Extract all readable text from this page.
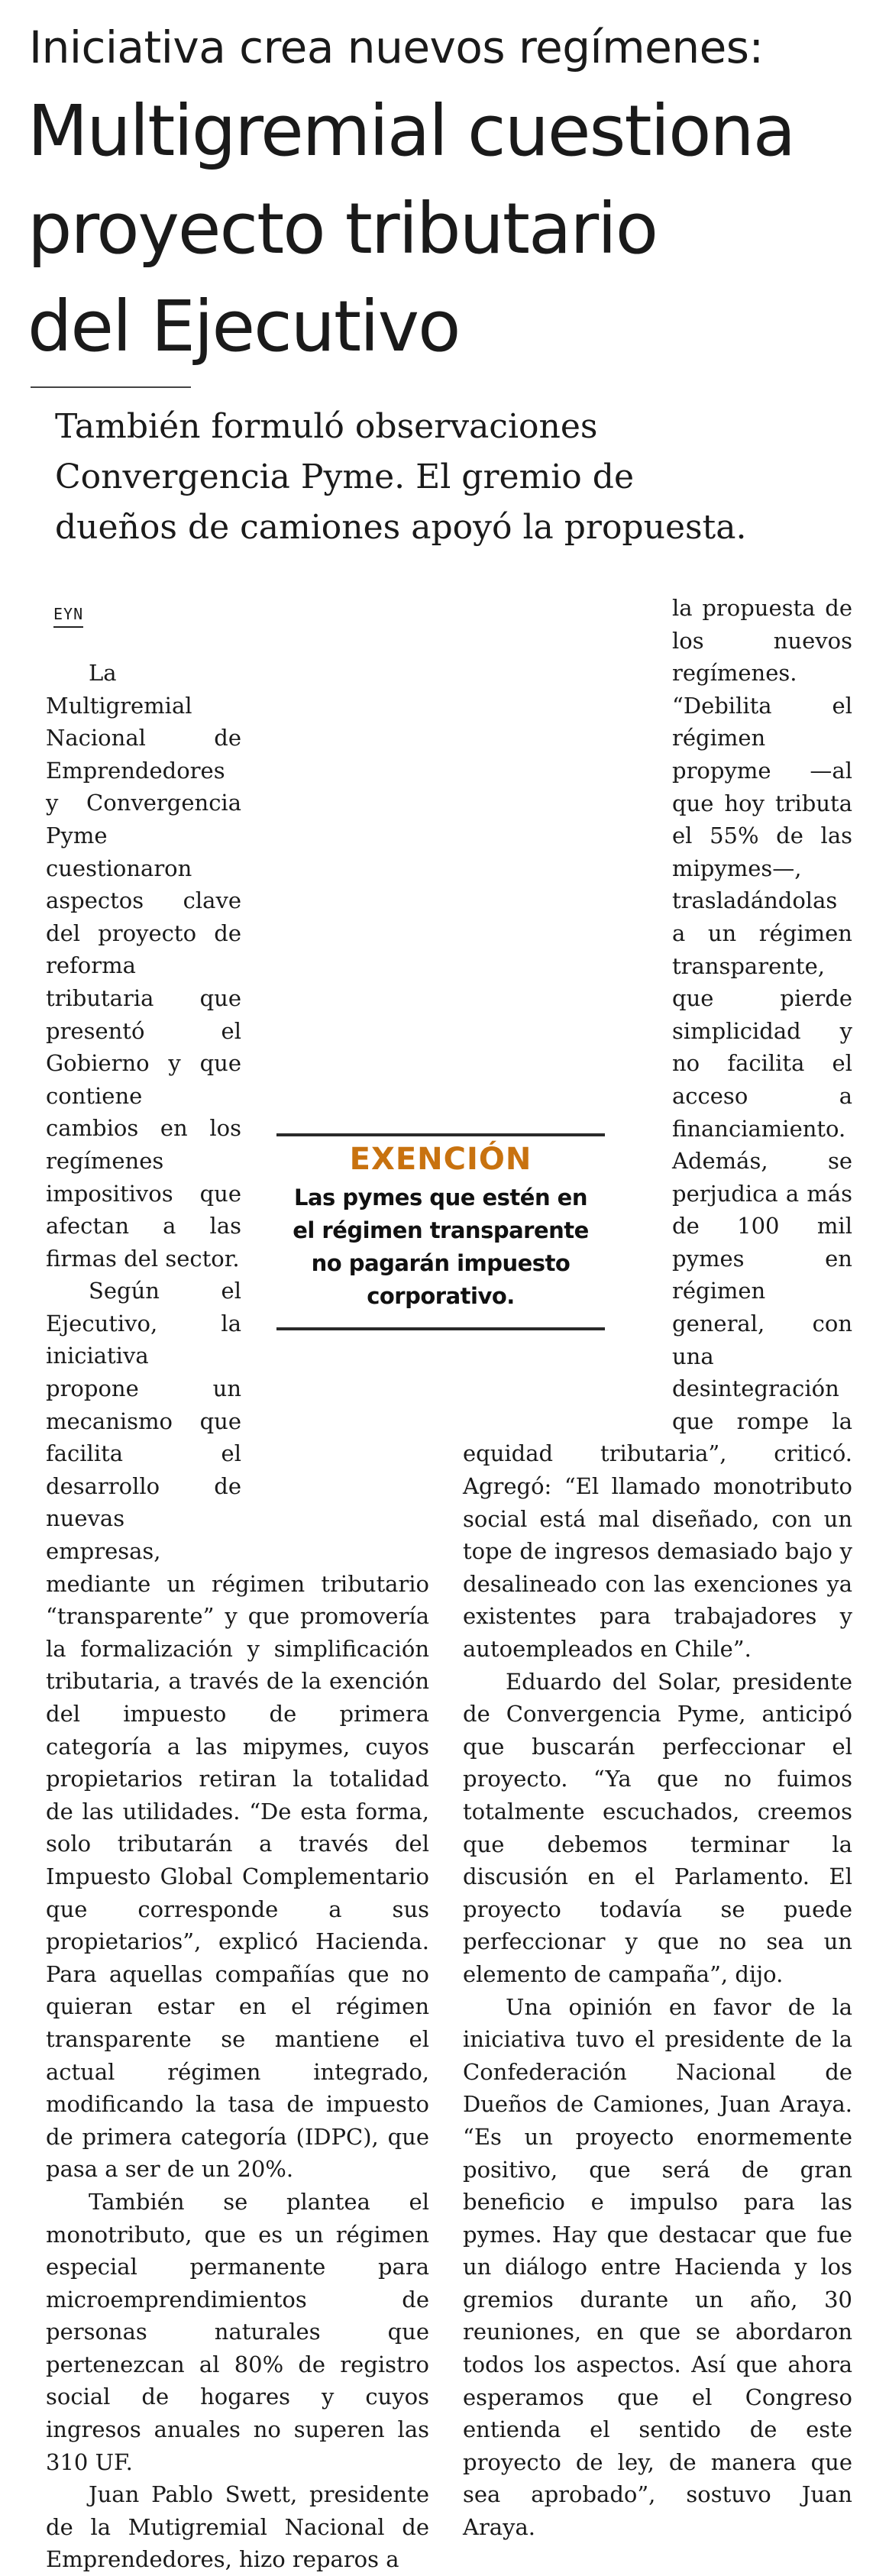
Iniciativa crea nuevos regímenes:
Multigremial cuestiona
proyecto tributario
del Ejecutivo
También formuló observaciones
Convergencia Pyme. El gremio de
dueños de camiones apoyó la propuesta.
EYN

La Multigremial Nacional de Emprendedores y Convergencia Pyme cuestionaron aspectos clave del proyecto de reforma tributaria que presentó el Gobierno y que contiene cambios en los regímenes impositivos que afectan a las firmas del sector.

Según el Ejecutivo, la iniciativa propone un mecanismo que facilita el desarrollo de nuevas empresas, mediante un régimen tributario “transparente” y que promovería la formalización y simplificación tributaria, a través de la exención del impuesto de primera categoría a las mipymes, cuyos propietarios retiran la totalidad de las utilidades. “De esta forma, solo tributarán a través del Impuesto Global Complementario que corresponde a sus propietarios”, explicó Hacienda. Para aquellas compañías que no quieran estar en el régimen transparente se mantiene el actual régimen integrado, modificando la tasa de impuesto de primera categoría (IDPC), que pasa a ser de un 20%.

También se plantea el monotributo, que es un régimen especial permanente para microemprendimientos de personas naturales que pertenezcan al 80% de registro social de hogares y cuyos ingresos anuales no superen las 310 UF.

Juan Pablo Swett, presidente de la Mutigremial Nacional de Emprendedores, hizo reparos a

la propuesta de los nuevos regímenes. “Debilita el régimen propyme —al que hoy tributa el 55% de las mipymes—, trasladándolas a un régimen transparente, que pierde simplicidad y no facilita el acceso a financiamiento. Además, se perjudica a más de 100 mil pymes en régimen general, con una desintegración que rompe la equidad tributaria”, criticó. Agregó: “El llamado monotributo social está mal diseñado, con un tope de ingresos demasiado bajo y desalineado con las exenciones ya existentes para trabajadores y autoempleados en Chile”.

Eduardo del Solar, presidente de Convergencia Pyme, anticipó que buscarán perfeccionar el proyecto. “Ya que no fuimos totalmente escuchados, creemos que debemos terminar la discusión en el Parlamento. El proyecto todavía se puede perfeccionar y que no sea un elemento de campaña”, dijo.

Una opinión en favor de la iniciativa tuvo el presidente de la Confederación Nacional de Dueños de Camiones, Juan Araya. “Es un proyecto enormemente positivo, que será de gran beneficio e impulso para las pymes. Hay que destacar que fue un diálogo entre Hacienda y los gremios durante un año, 30 reuniones, en que se abordaron todos los aspectos. Así que ahora esperamos que el Congreso entienda el sentido de este proyecto de ley, de manera que sea aprobado”, sostuvo Juan Araya.

EXENCIÓN
Las pymes que estén en
el régimen transparente
no pagarán impuesto
corporativo.
